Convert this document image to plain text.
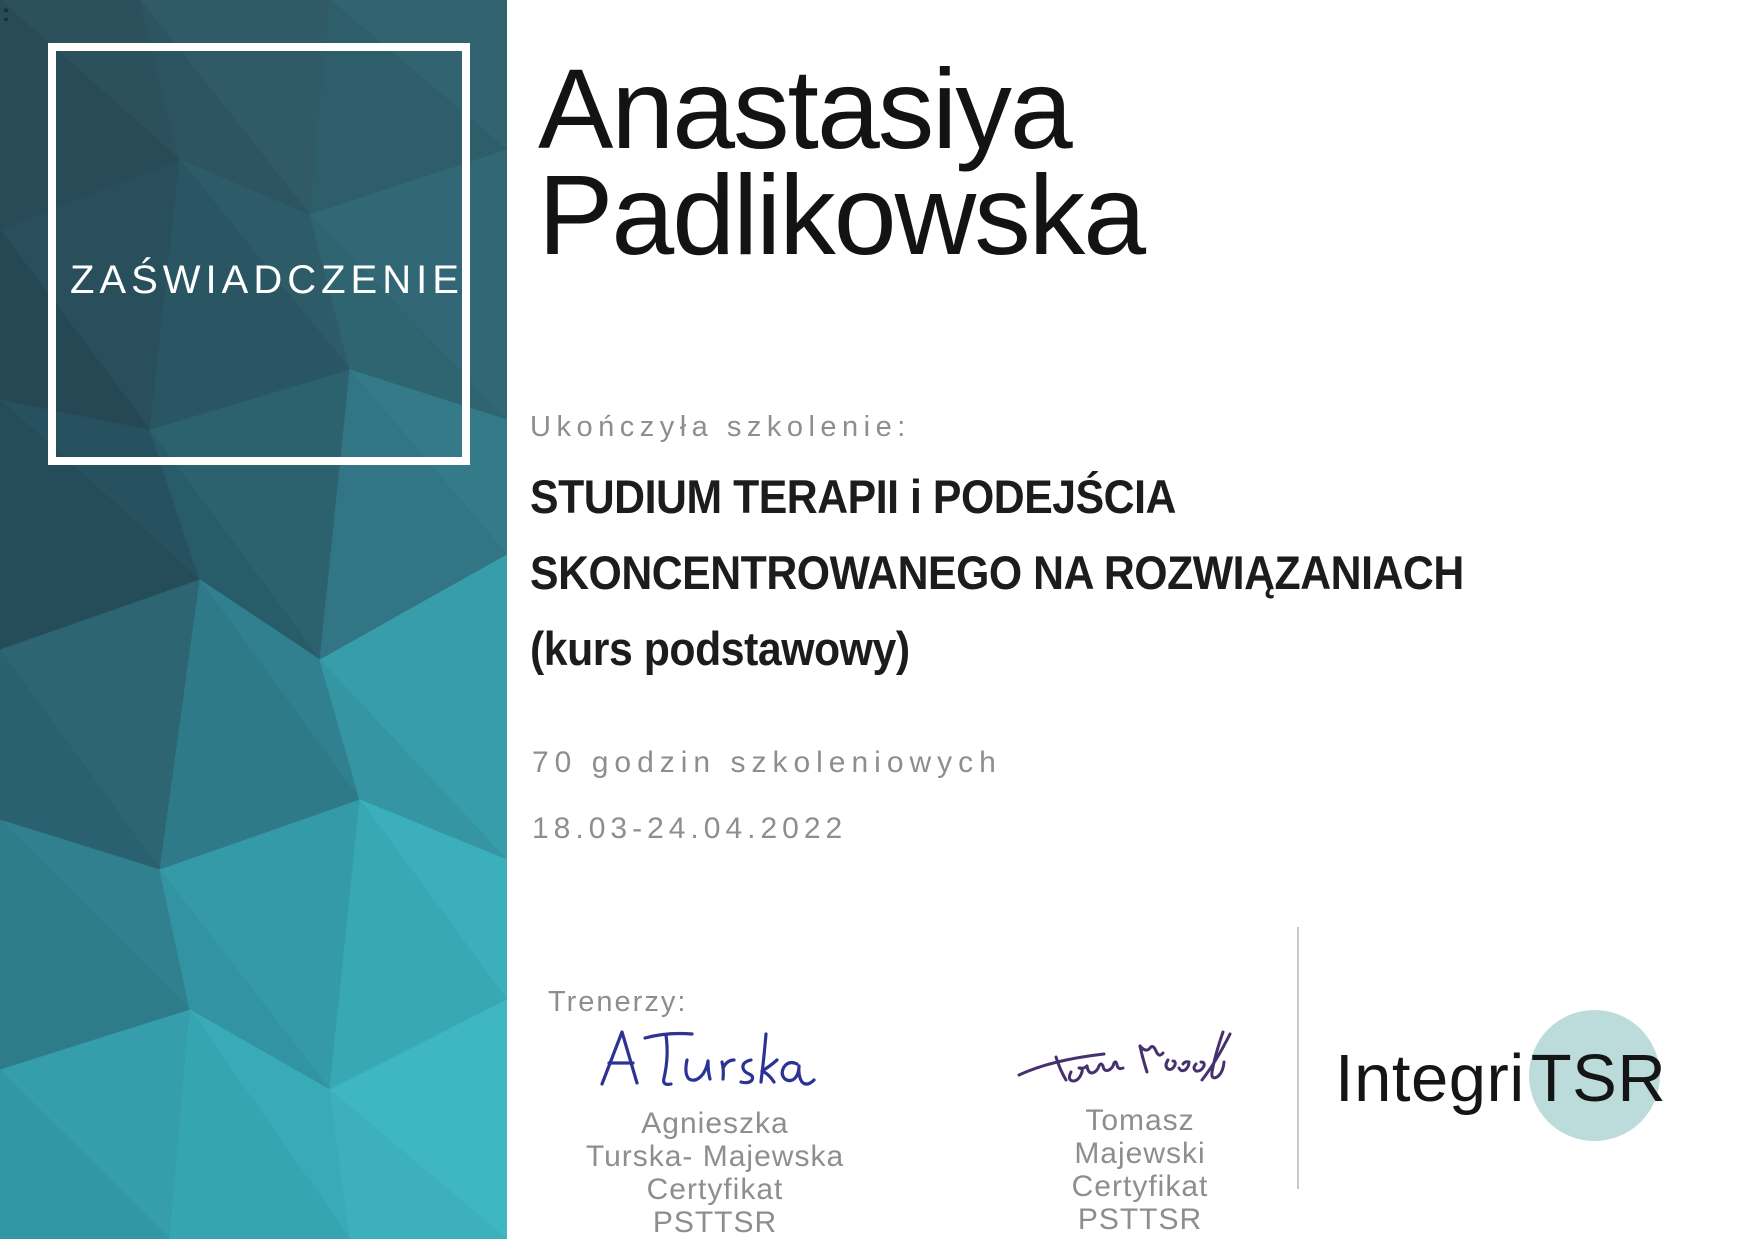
:
ZAŚWIADCZENIE
Anastasiya
Padlikowska
Ukończyła szkolenie:
STUDIUM TERAPII i PODEJŚCIA
SKONCENTROWANEGO NA ROZWIĄZANIACH
(kurs podstawowy)
70 godzin szkoleniowych
18.03-24.04.2022
Trenerzy:
Agnieszka
Turska- Majewska
Certyfikat PSTTSR
Tomasz
Majewski
Certyfikat PSTTSR
Integri TSR
